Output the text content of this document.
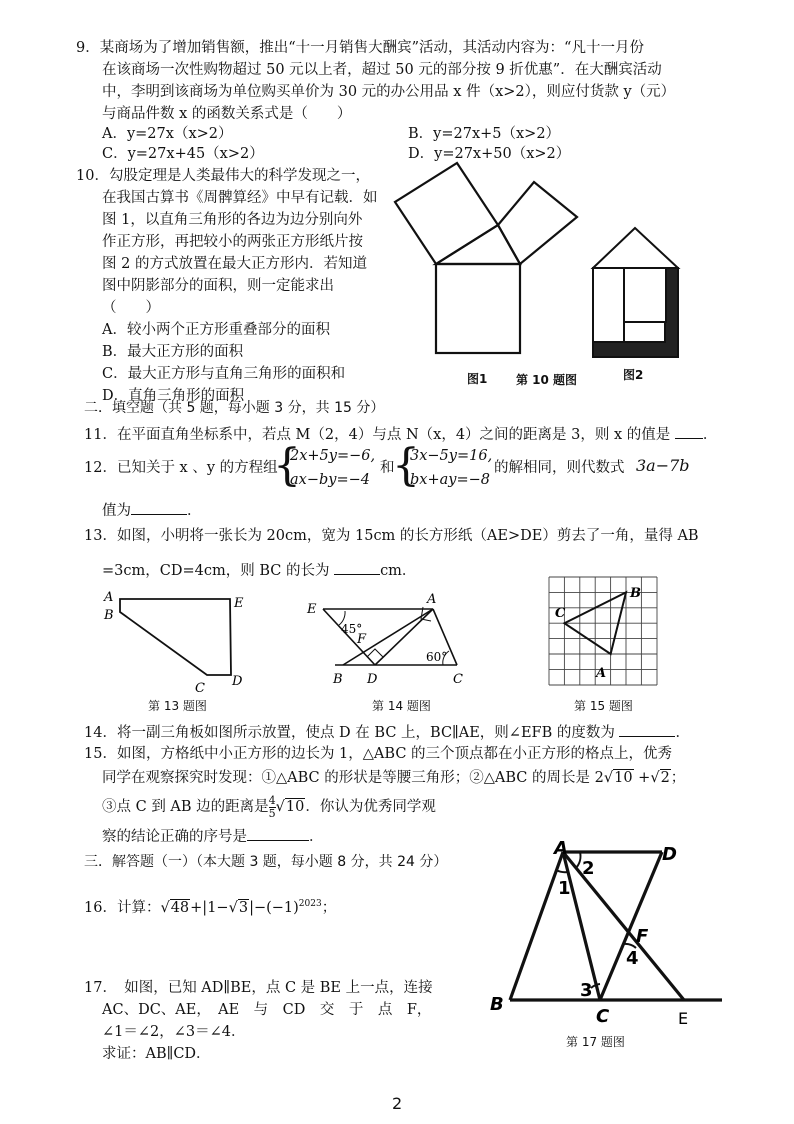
9．某商场为了增加销售额，推出“十一月销售大酬宾”活动，其活动内容为：“凡十一月份
在该商场一次性购物超过 50 元以上者，超过 50 元的部分按 9 折优惠”．在大酬宾活动
中，李明到该商场为单位购买单价为 30 元的办公用品 x 件（x>2），则应付货款 y（元）
与商品件数 x 的函数关系式是（　　）
A．y=27x（x>2）	B．y=27x+5（x>2）
C．y=27x+45（x>2）	D．y=27x+50（x>2）
10．勾股定理是人类最伟大的科学发现之一，
在我国古算书《周髀算经》中早有记载．如
图 1，以直角三角形的各边为边分别向外
作正方形，再把较小的两张正方形纸片按
图 2 的方式放置在最大正方形内．若知道
图中阴影部分的面积，则一定能求出
（　　）
A．较小两个正方形重叠部分的面积
B．最大正方形的面积
C．最大正方形与直角三角形的面积和
D．直角三角形的面积
图1 第 10 题图	图2
二．填空题（共 5 题，每小题 3 分，共 15 分）
11．在平面直角坐标系中，若点 M（2，4）与点 N（x，4）之间的距离是 3，则 x 的值是 ．
12．已知关于 x 、y 的方程组
{
2x+5y=−6,
ax−by=−4
和
{
3x−5y=16,
bx+ay=−8
的解相同，则代数式 3a−7b
值为	．
13．如图，小明将一张长为 20cm，宽为 15cm 的长方形纸（AE>DE）剪去了一角，量得 AB
=3cm，CD=4cm，则 BC 的长为	cm．
A
B
E
C D
第 13 题图
45°
60°
E
A
F
B D	C
第 14 题图
B
C
A
第 15 题图
14．将一副三角板如图所示放置，使点 D 在 BC 上，BC∥AE，则∠EFB 的度数为	．
15．如图，方格纸中小正方形的边长为 1，△ABC 的三个顶点都在小正方形的格点上，优秀
同学在观察探究时发现：①△ABC 的形状是等腰三角形；②△ABC 的周长是 2√10 +√2；
③点 C 到 AB 边的距离是 $\frac{4}{5} √10$．你认为优秀同学观
察的结论正确的序号是	．
三．解答题（一）（本大题 3 题，每小题 8 分，共 24 分）
16．计算：$√48+|1-√3|-(-1)^{2023}$；
17．　如图，已知 AD∥BE，点 C 是 BE 上一点，连接
AC、DC、AE，　AE　与　CD　交　于　点　F，
∠1＝∠2，∠3＝∠4．
求证：AB∥CD．
A	D
B
C	E
F
1
2
3
4
第 17 题图
2
